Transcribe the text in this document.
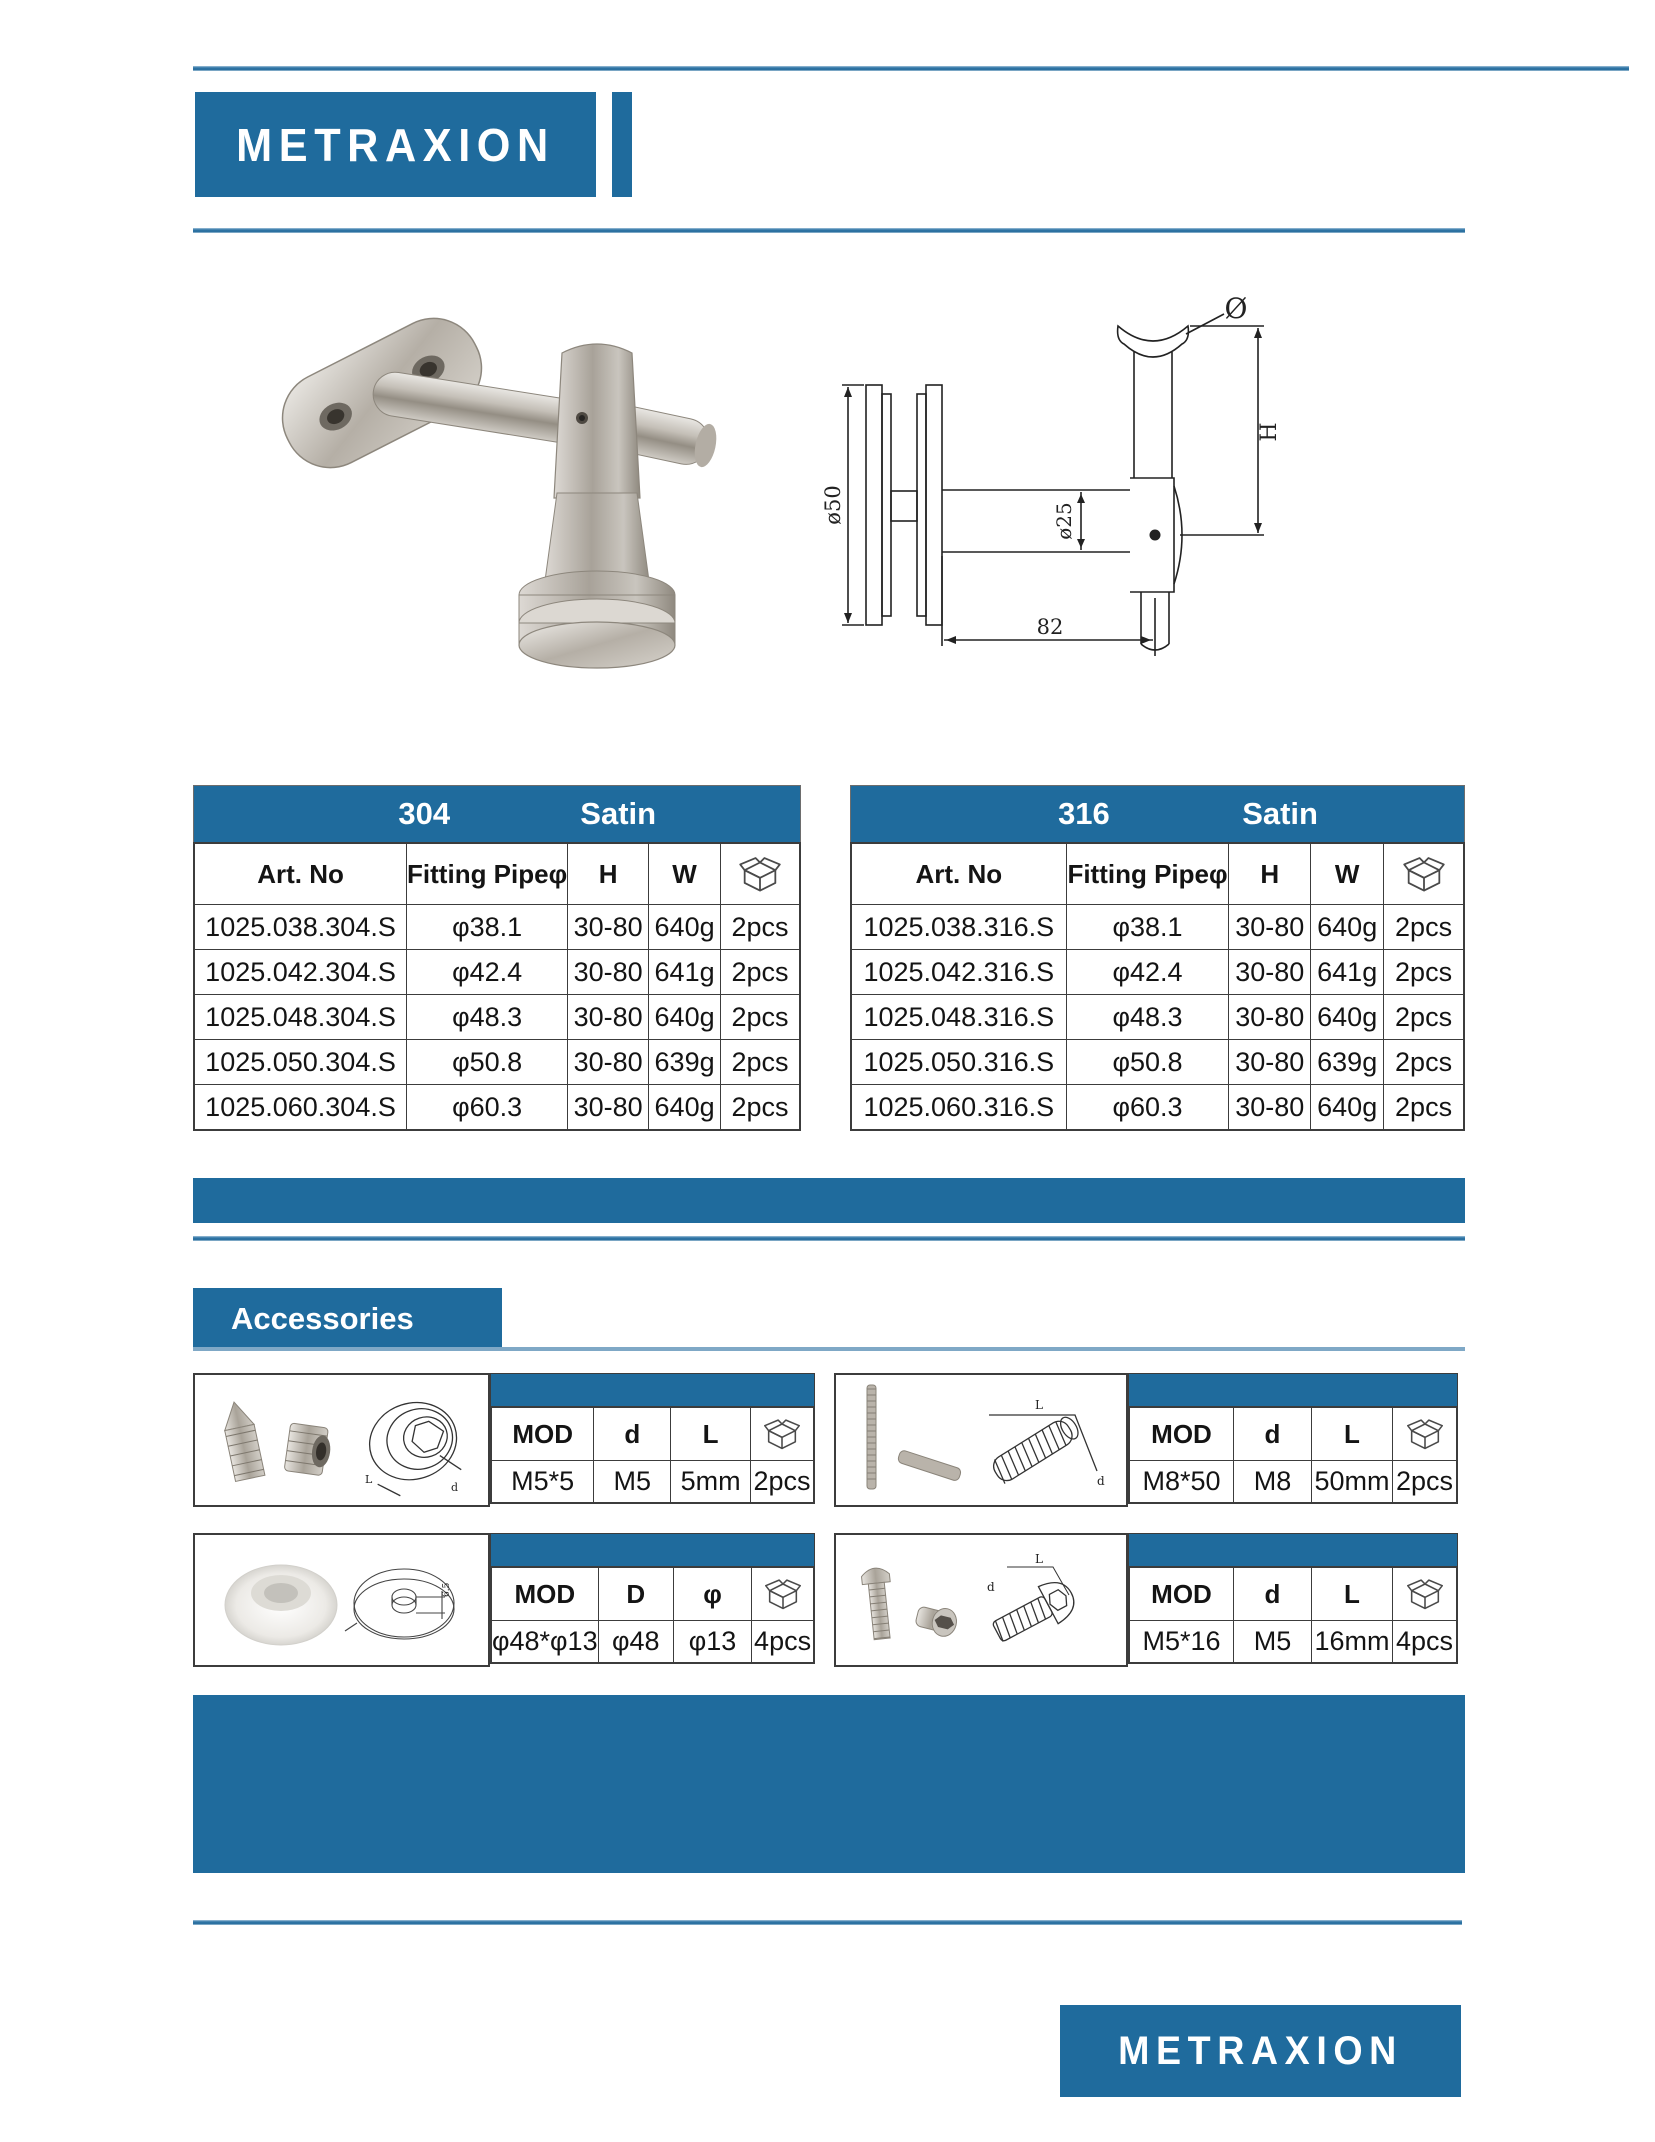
METRAXION
ø50	ø25
Ø
H
82
304	Satin
Art. No	Fitting Pipeφ	H	W
1025.038.304.S	φ38.1	30-80 640g 2pcs
1025.042.304.S	φ42.4	30-80 641g 2pcs
1025.048.304.S	φ48.3	30-80 640g 2pcs
1025.050.304.S	φ50.8	30-80 639g 2pcs
1025.060.304.S	φ60.3	30-80 640g 2pcs
316	Satin
Art. No	Fitting Pipeφ	H	W
1025.038.316.S	φ38.1	30-80 640g 2pcs
1025.042.316.S	φ42.4	30-80 641g 2pcs
1025.048.316.S	φ48.3	30-80 640g 2pcs
1025.050.316.S	φ50.8	30-80 639g 2pcs
1025.060.316.S	φ60.3	30-80 640g 2pcs
Accessories
L
d
MOD	d	L
M5*5	M5	5mm 2pcs
L
d
MOD	d	L
M8*50	M8 50mm 2pcs
6.5	MOD	D	φ
φ48*φ13 φ48	φ13 4pcs
L
d	MOD	d	L
M5*16	M5 16mm 4pcs
METRAXION
